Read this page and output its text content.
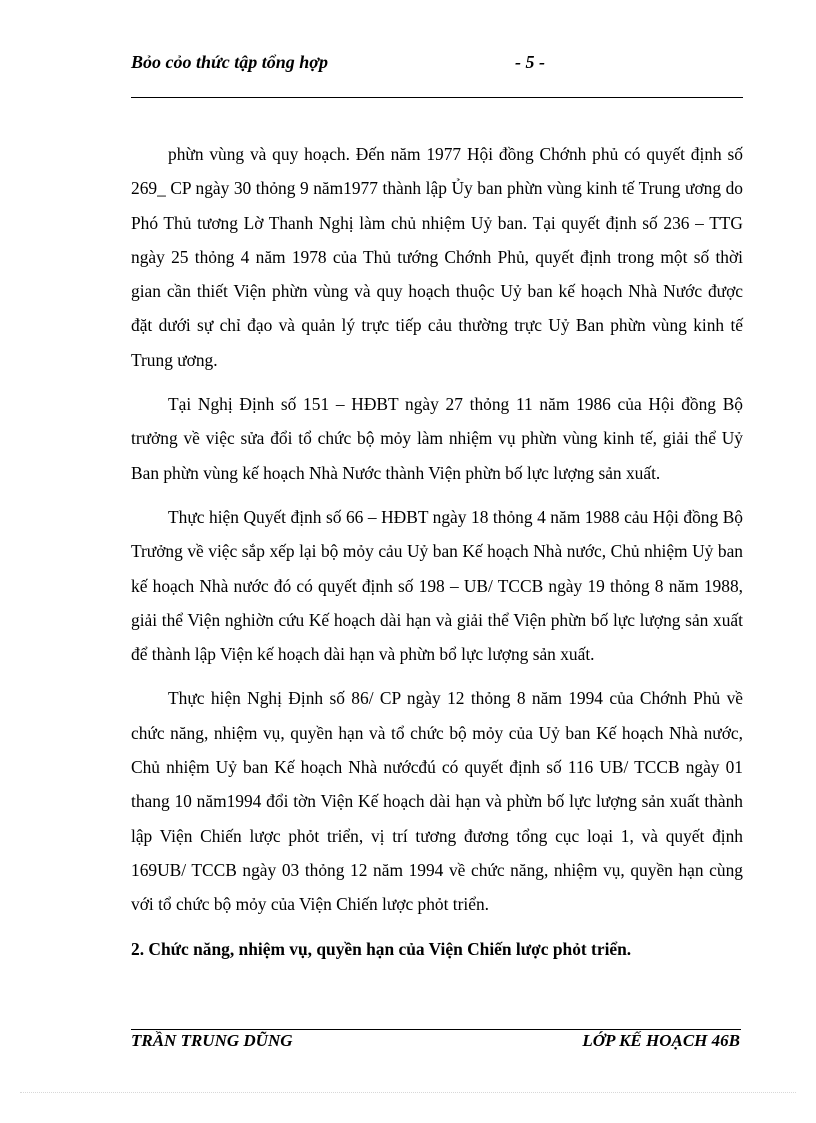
Bỏo cỏo thức tập tổng hợp	- 5 -

phừn vùng và quy hoạch. Đến năm 1977 Hội đồng Chớnh phủ có quyết định số 269_ CP ngày 30 thỏng 9 năm1977 thành lập Ủy ban phừn vùng kinh tế Trung ương do Phó Thủ tương Lờ Thanh Nghị làm chủ nhiệm Uỷ ban. Tại quyết định số 236 – TTG ngày 25 thỏng 4 năm 1978 của Thủ tướng Chớnh Phủ, quyết định trong một số thời gian cần thiết Viện phừn vùng và quy hoạch thuộc Uỷ ban kế hoạch Nhà Nước được đặt dưới sự chỉ đạo và quản lý trực tiếp cảu thường trực Uỷ Ban phừn vùng kinh tế Trung ương.

Tại Nghị Định số 151 – HĐBT ngày 27 thỏng 11 năm 1986 của Hội đồng Bộ trưởng về việc sửa đổi tổ chức bộ mỏy làm nhiệm vụ phừn vùng kinh tế, giải thể Uỷ Ban phừn vùng kế hoạch Nhà Nước thành Viện phừn bố lực lượng sản xuất.

Thực hiện Quyết định số 66 – HĐBT ngày 18 thỏng 4 năm 1988 cảu Hội đồng Bộ Trưởng về việc sắp xếp lại bộ mỏy cảu Uỷ ban Kế hoạch Nhà nước, Chủ nhiệm Uỷ ban kế hoạch Nhà nước đó có quyết định số 198 – UB/ TCCB ngày 19 thỏng 8 năm 1988, giải thể Viện nghiờn cứu Kế hoạch dài hạn và giải thể Viện phừn bố lực lượng sản xuất để thành lập Viện kế hoạch dài hạn và phừn bổ lực lượng sản xuất.

Thực hiện Nghị Định số 86/ CP ngày 12 thỏng 8 năm 1994 của Chớnh Phủ về chức năng, nhiệm vụ, quyền hạn và tổ chức bộ mỏy của Uỷ ban Kế hoạch Nhà nước, Chủ nhiệm Uỷ ban Kế hoạch Nhà nướcđú có quyết định số 116 UB/ TCCB ngày 01 thang 10 năm1994 đổi tờn Viện Kế hoạch dài hạn và phừn bố lực lượng sản xuất thành lập Viện Chiến lược phỏt triển, vị trí tương đương tổng cục loại 1, và quyết định 169UB/ TCCB ngày 03 thỏng 12 năm 1994 về chức năng, nhiệm vụ, quyền hạn cùng với tổ chức bộ mỏy của Viện Chiến lược phỏt triển.

2. Chức năng, nhiệm vụ, quyền hạn của Viện Chiến lược phỏt triển.

TRẦN TRUNG DŨNG	LỚP KẾ HOẠCH 46B
